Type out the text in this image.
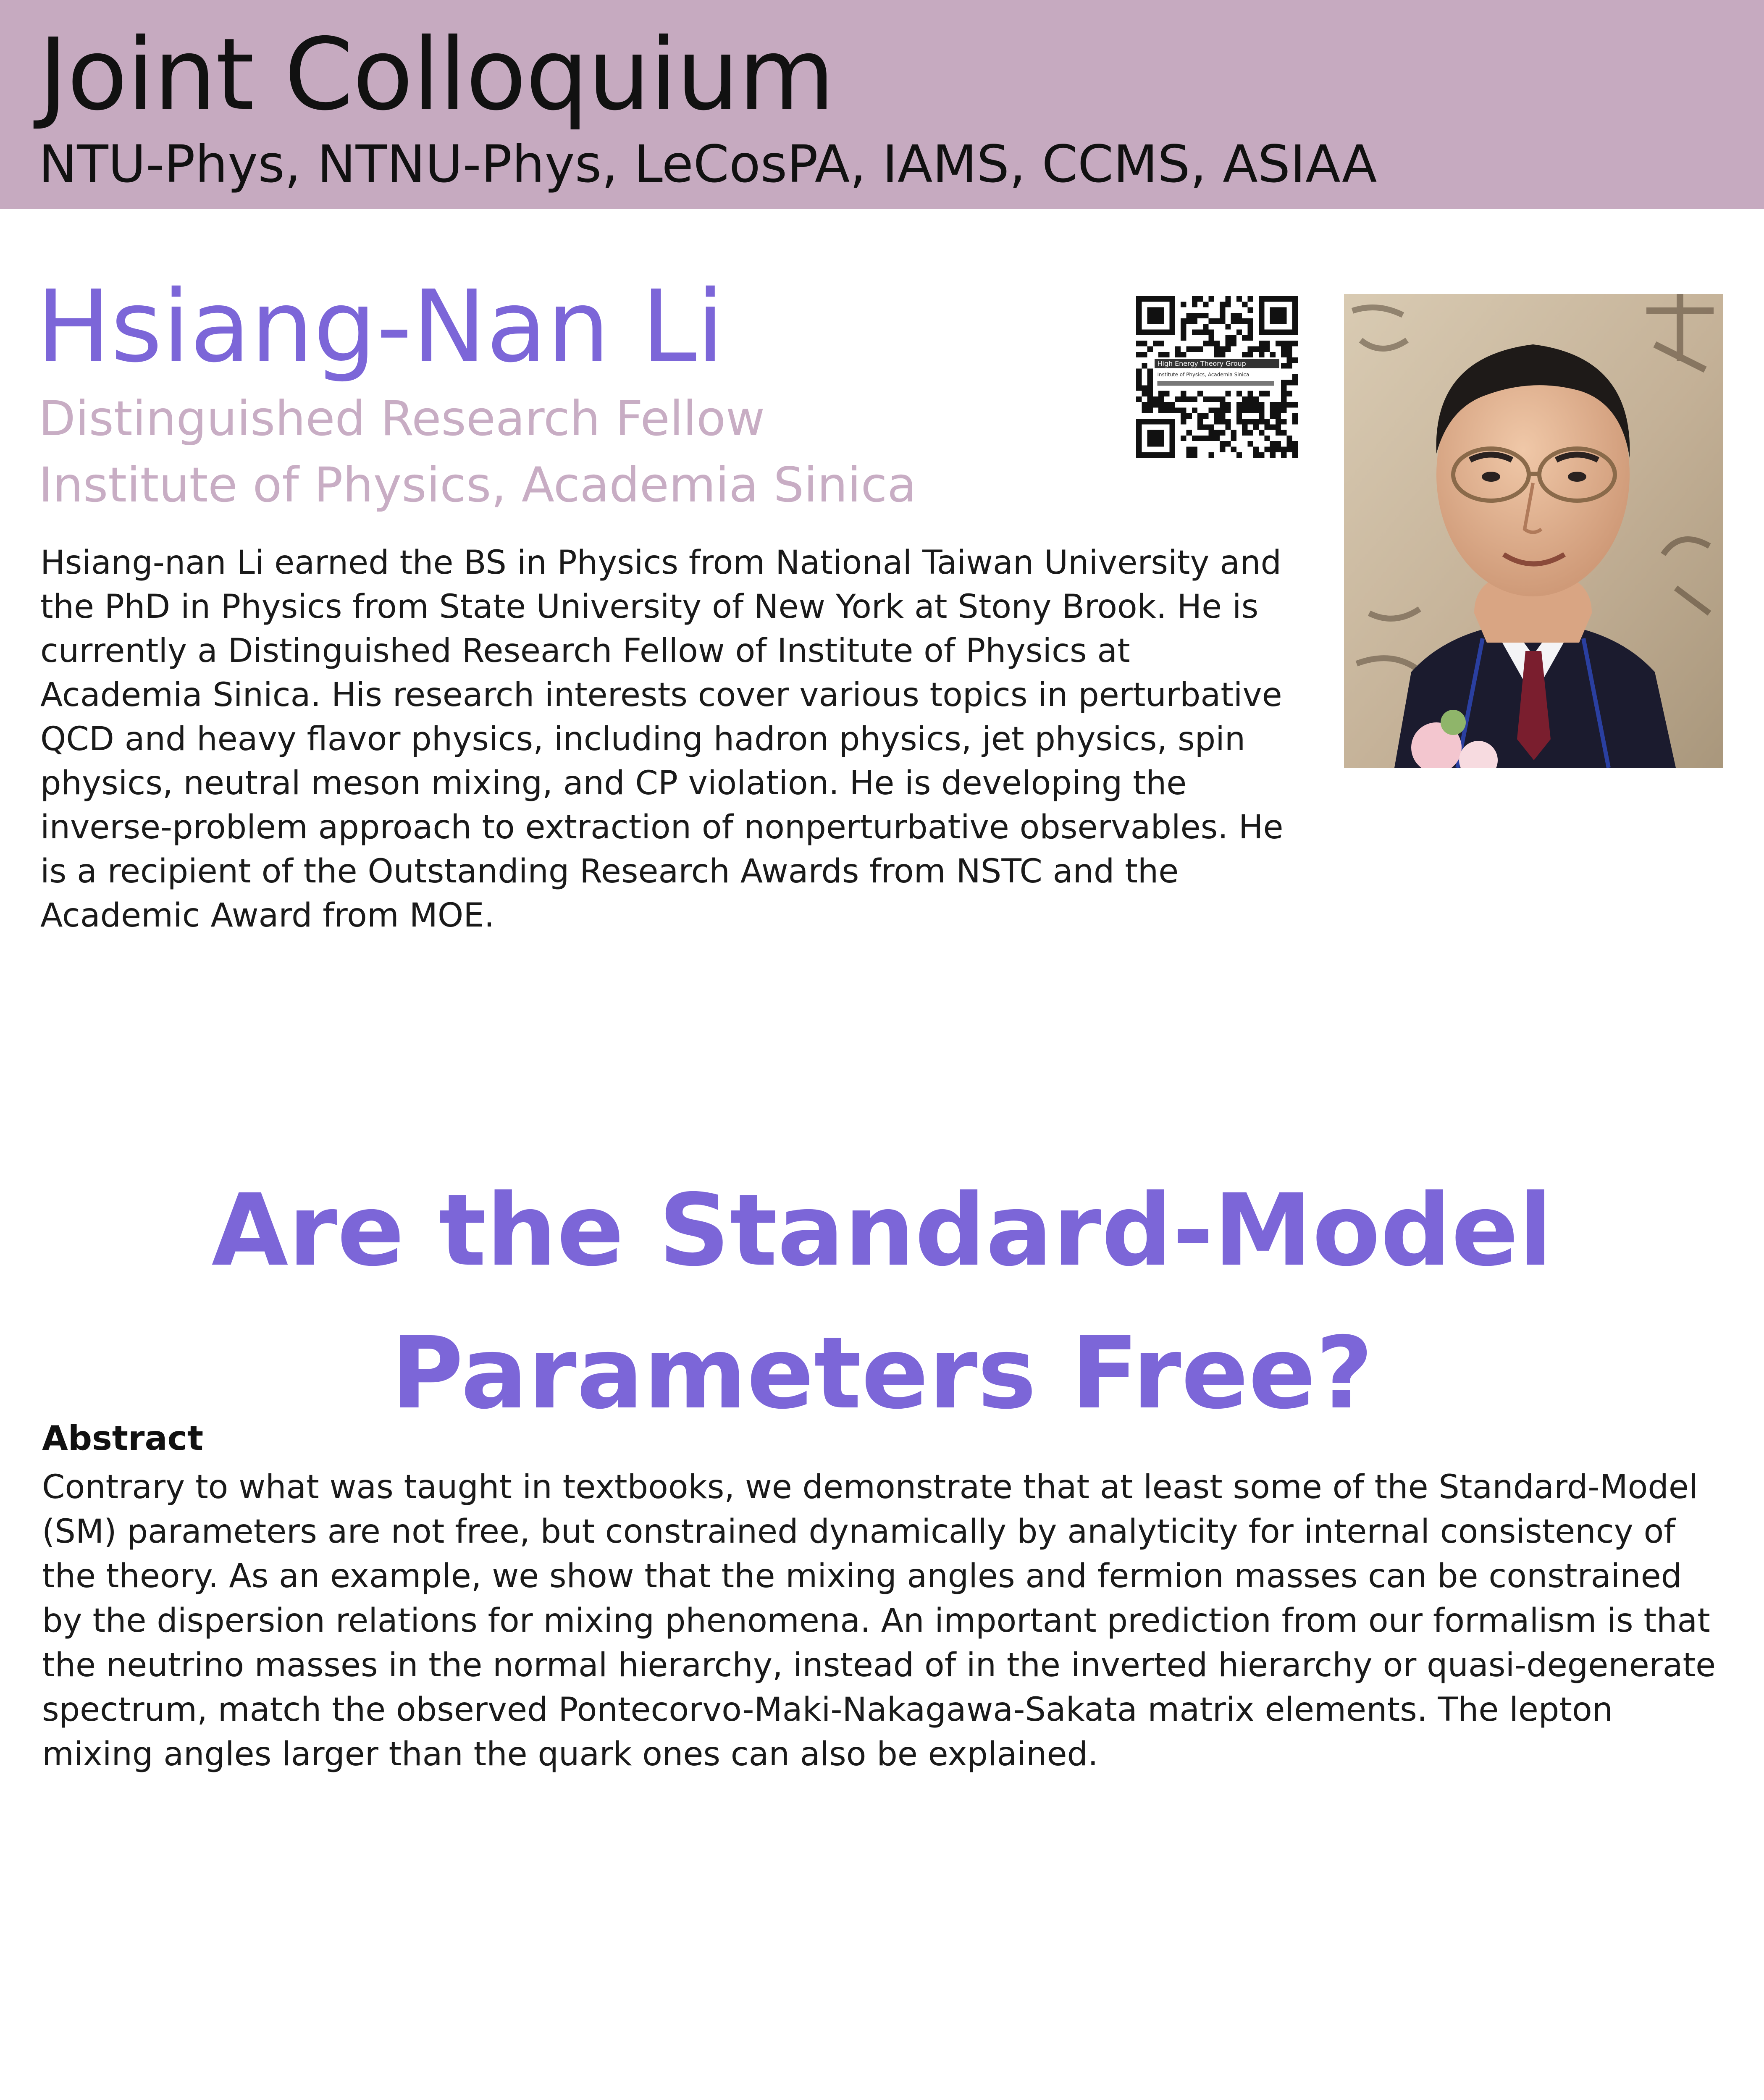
Joint Colloquium
NTU-Phys, NTNU-Phys, LeCosPA, IAMS, CCMS, ASIAA
Hsiang-Nan Li
Distinguished Research Fellow
Institute of Physics, Academia Sinica
High Energy Theory Group

Hsiang-nan Li earned the BS in Physics from National Taiwan University and the PhD in Physics from State University of New York at Stony Brook. He is currently a Distinguished Research Fellow of Institute of Physics at Academia Sinica. His research interests cover various topics in perturbative QCD and heavy flavor physics, including hadron physics, jet physics, spin physics, neutral meson mixing, and CP violation. He is developing the inverse-problem approach to extraction of nonperturbative observables. He is a recipient of the Outstanding Research Awards from NSTC and the Academic Award from MOE.

Are the Standard-Model Parameters Free?
Abstract

Contrary to what was taught in textbooks, we demonstrate that at least some of the Standard-Model (SM) parameters are not free, but constrained dynamically by analyticity for internal consistency of the theory. As an example, we show that the mixing angles and fermion masses can be constrained by the dispersion relations for mixing phenomena. An important prediction from our formalism is that the neutrino masses in the normal hierarchy, instead of in the inverted hierarchy or quasi-degenerate spectrum, match the observed Pontecorvo-Maki-Nakagawa-Sakata matrix elements. The lepton mixing angles larger than the quark ones can also be explained.
